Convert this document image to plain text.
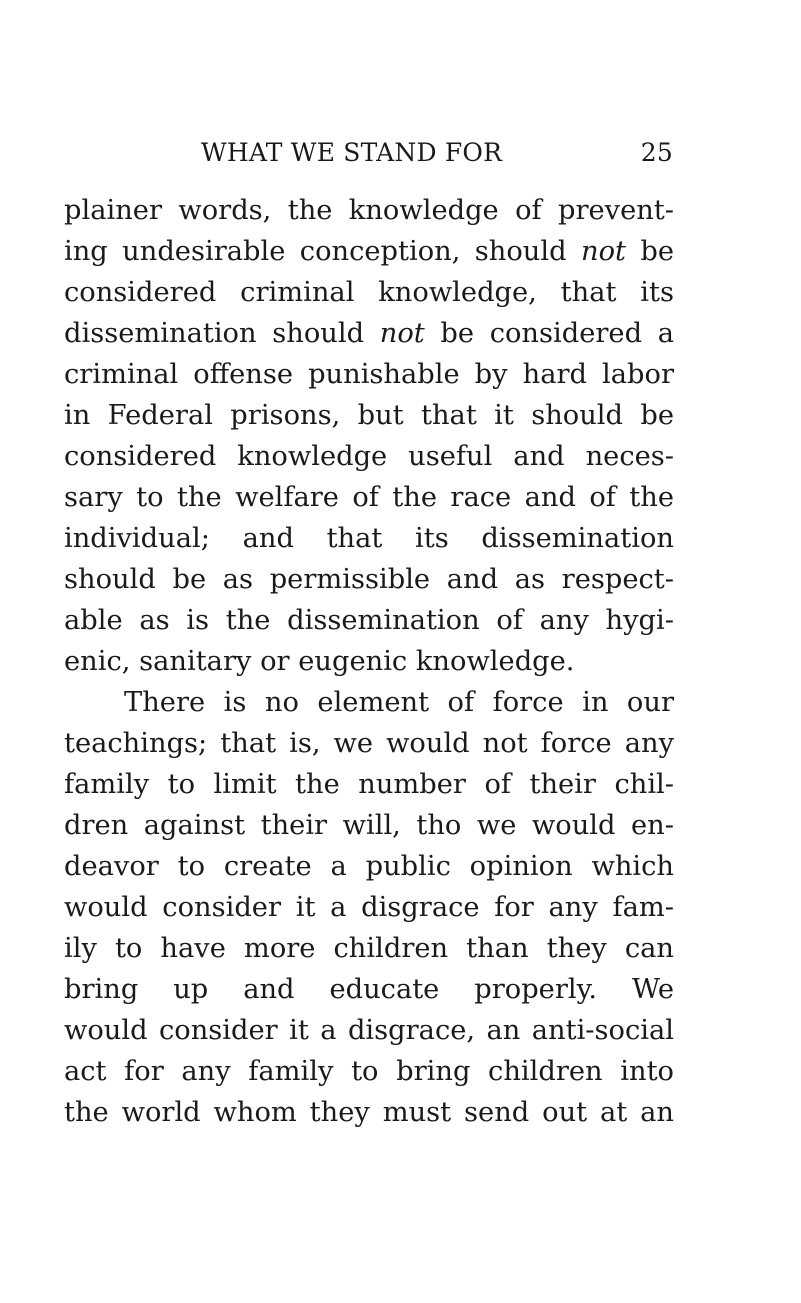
WHAT WE STAND FOR	25
plainer words, the knowledge of prevent-
ing undesirable conception, should not be
considered criminal knowledge, that its
dissemination should not be considered a
criminal offense punishable by hard labor
in Federal prisons, but that it should be
considered knowledge useful and neces-
sary to the welfare of the race and of the
individual; and that its dissemination
should be as permissible and as respect-
able as is the dissemination of any hygi-
enic, sanitary or eugenic knowledge.
There is no element of force in our
teachings; that is, we would not force any
family to limit the number of their chil-
dren against their will, tho we would en-
deavor to create a public opinion which
would consider it a disgrace for any fam-
ily to have more children than they can
bring up and educate properly. We
would consider it a disgrace, an anti-social
act for any family to bring children into
the world whom they must send out at an
